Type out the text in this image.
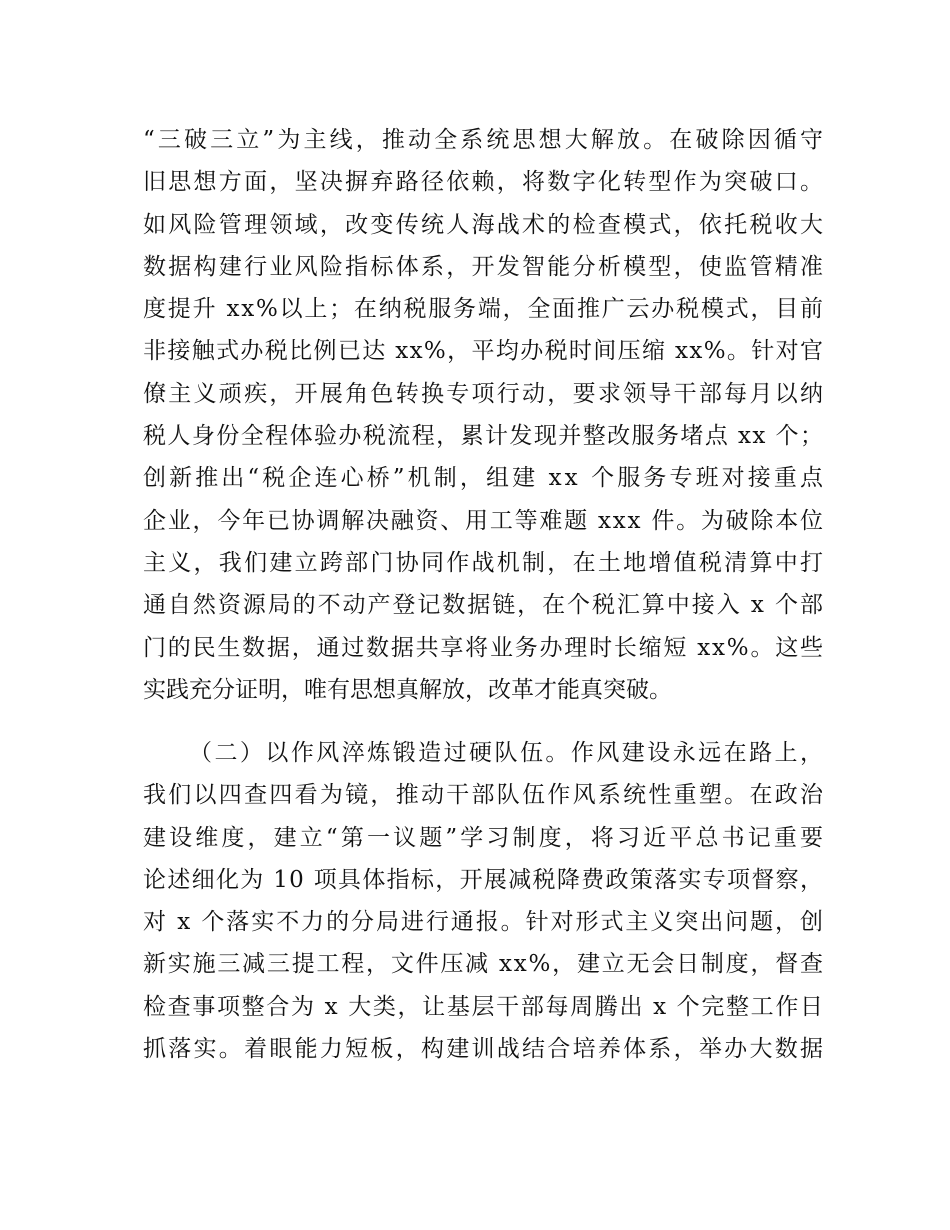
“三破三立”为主线，推动全系统思想大解放。在破除因循守
旧思想方面，坚决摒弃路径依赖，将数字化转型作为突破口。
如风险管理领域，改变传统人海战术的检查模式，依托税收大
数据构建行业风险指标体系，开发智能分析模型，使监管精准
度提升 xx%以上；在纳税服务端，全面推广云办税模式，目前
非接触式办税比例已达 xx%，平均办税时间压缩 xx%。针对官
僚主义顽疾，开展角色转换专项行动，要求领导干部每月以纳
税人身份全程体验办税流程，累计发现并整改服务堵点 xx 个；
创新推出“税企连心桥”机制，组建 xx 个服务专班对接重点
企业，今年已协调解决融资、用工等难题 xxx 件。为破除本位
主义，我们建立跨部门协同作战机制，在土地增值税清算中打
通自然资源局的不动产登记数据链，在个税汇算中接入 x 个部
门的民生数据，通过数据共享将业务办理时长缩短 xx%。这些
实践充分证明，唯有思想真解放，改革才能真突破。
（二）以作风淬炼锻造过硬队伍。作风建设永远在路上，
我们以四查四看为镜，推动干部队伍作风系统性重塑。在政治
建设维度，建立“第一议题”学习制度，将习近平总书记重要
论述细化为 10 项具体指标，开展减税降费政策落实专项督察，
对 x 个落实不力的分局进行通报。针对形式主义突出问题，创
新实施三减三提工程，文件压减 xx%，建立无会日制度，督查
检查事项整合为 x 大类，让基层干部每周腾出 x 个完整工作日
抓落实。着眼能力短板，构建训战结合培养体系，举办大数据
